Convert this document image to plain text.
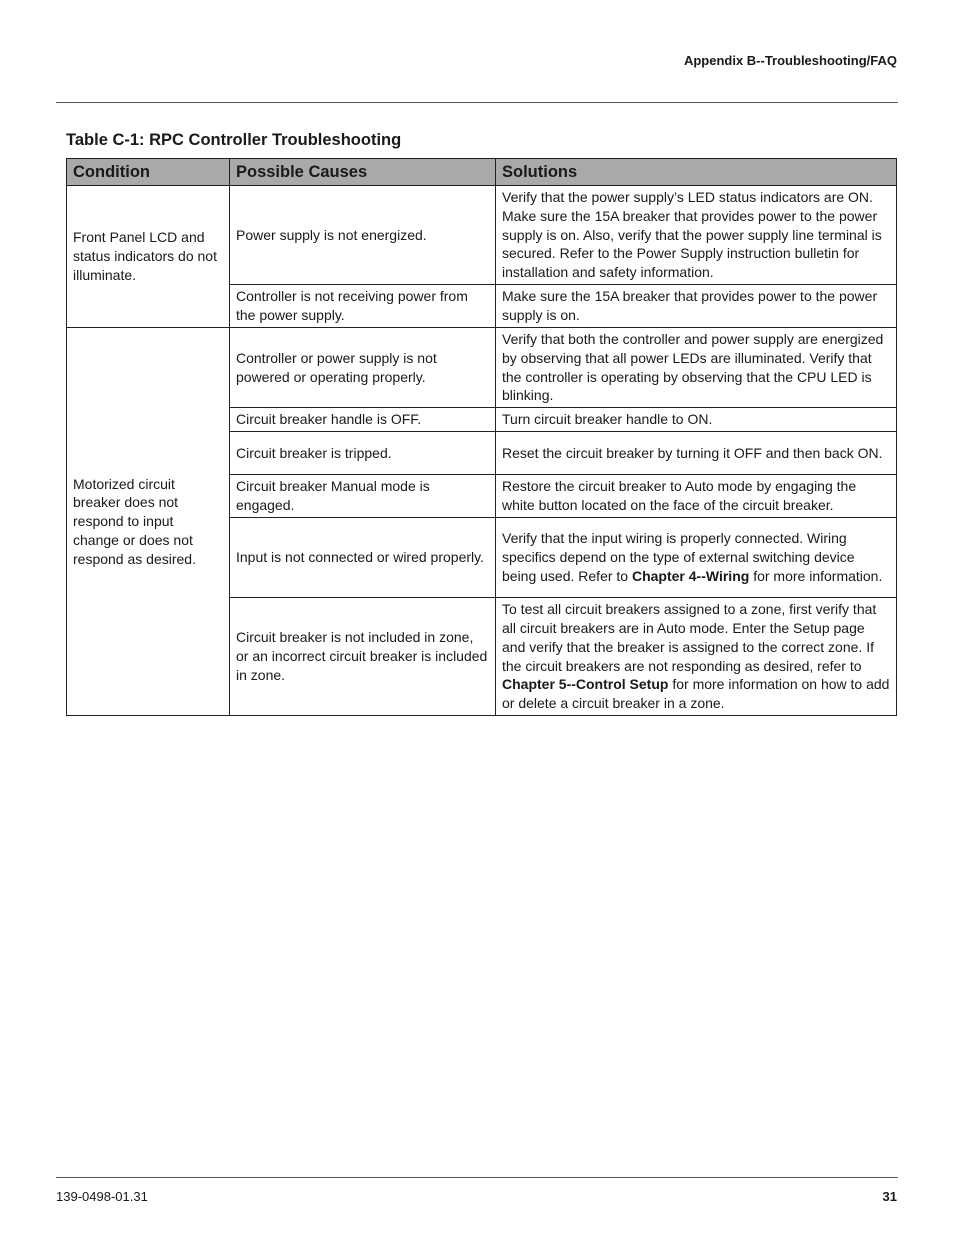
Appendix B--Troubleshooting/FAQ
Table C-1: RPC Controller Troubleshooting
Condition	Possible Causes	Solutions
Front Panel LCD and status indicators do not illuminate.	Power supply is not energized.	Verify that the power supply’s LED status indicators are ON. Make sure the 15A breaker that provides power to the power supply is on. Also, verify that the power supply line terminal is secured. Refer to the Power Supply instruction bulletin for installation and safety information.
	Controller is not receiving power from the power supply.	Make sure the 15A breaker that provides power to the power supply is on.
Motorized circuit breaker does not respond to input change or does not respond as desired.	Controller or power supply is not powered or operating properly.	Verify that both the controller and power supply are energized by observing that all power LEDs are illuminated. Verify that the controller is operating by observing that the CPU LED is blinking.
	Circuit breaker handle is OFF.	Turn circuit breaker handle to ON.
	Circuit breaker is tripped.	Reset the circuit breaker by turning it OFF and then back ON.
	Circuit breaker Manual mode is engaged.	Restore the circuit breaker to Auto mode by engaging the white button located on the face of the circuit breaker.
	Input is not connected or wired properly.	Verify that the input wiring is properly connected. Wiring specifics depend on the type of external switching device being used. Refer to Chapter 4--Wiring for more information.
	Circuit breaker is not included in zone, or an incorrect circuit breaker is included in zone.	To test all circuit breakers assigned to a zone, first verify that all circuit breakers are in Auto mode. Enter the Setup page and verify that the breaker is assigned to the correct zone. If the circuit breakers are not responding as desired, refer to Chapter 5--Control Setup for more information on how to add or delete a circuit breaker in a zone.
139-0498-01.31	31
